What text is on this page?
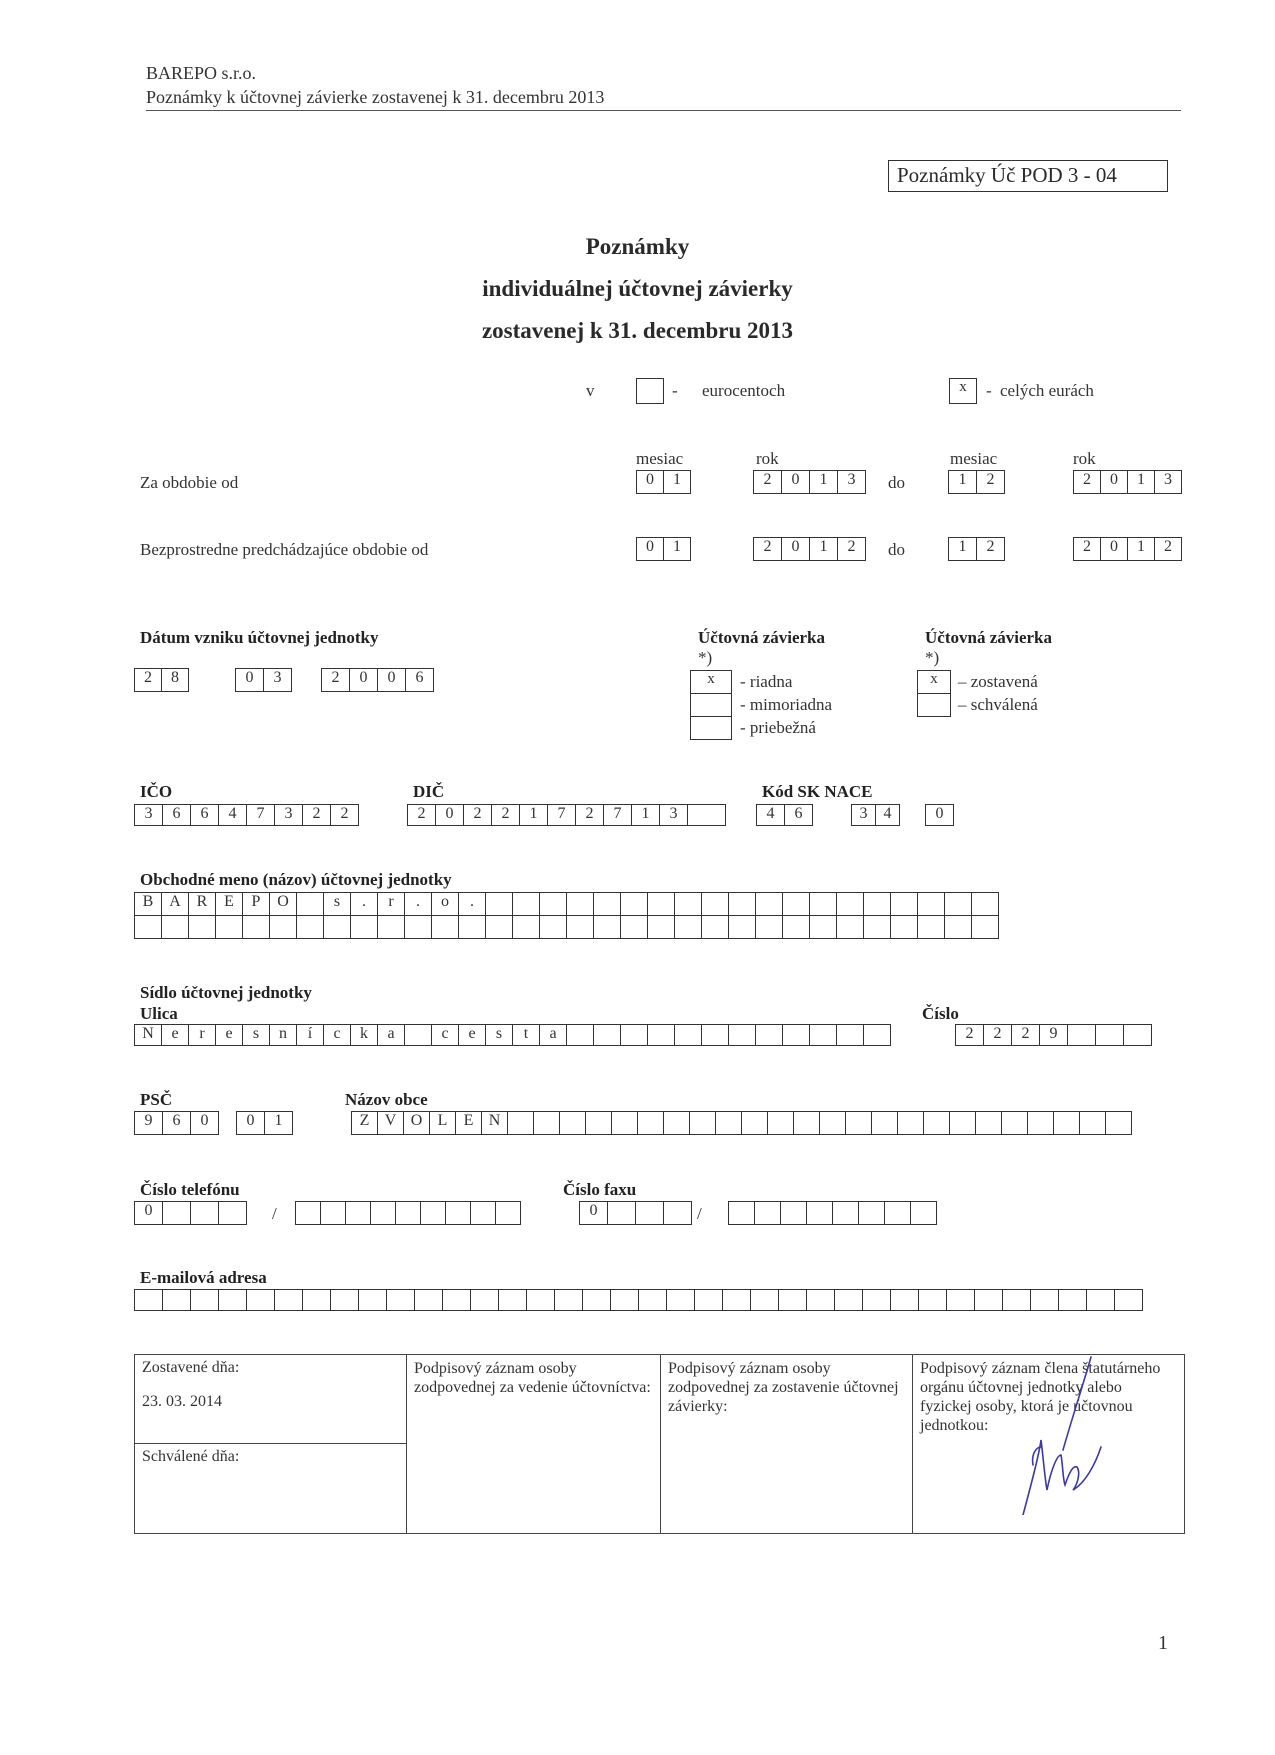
BAREPO s.r.o.
Poznámky k účtovnej závierke zostavenej k 31. decembru 2013
Poznámky Úč POD 3 - 04
Poznámky
individuálnej účtovnej závierky
zostavenej k 31. decembru 2013
v	- eurocentoch	x	- celých eurách
mesiac	rok	mesiac	rok
Za obdobie od	0	1	2	0	1	3	do	1	2	2	0	1	3
Bezprostredne predchádzajúce obdobie od	0	1	2	0	1	2	do	1	2	2	0	1	2
Dátum vzniku účtovnej jednotky
2	8	0	3	2	0	0	6
Účtovná závierka
*)
x	- riadna
- mimoriadna
- priebežná
Účtovná závierka
*)
x	– zostavená
– schválená
IČO
3	6	6	4	7	3	2	2
DIČ
2	0	2	2	1	7	2	7	1	3
Kód SK NACE
4	6	3	4	0
Obchodné meno (názov) účtovnej jednotky
B A R	E	P	O	s	.	r	.	o	.
Sídlo účtovnej jednotky
Ulica
N	e	r	e	s	n	í	c	k	a	c	e	s	t	a
Číslo
2	2	2	9
PSČ
9	6	0	0	1
Názov obce
Z V O L	E N
Číslo telefónu
0	/
Číslo faxu
0	/
E-mailová adresa
Zostavené dňa:
23. 03. 2014
Schválené dňa:
Podpisový záznam osoby zodpovednej za vedenie účtovníctva:
Podpisový záznam osoby zodpovednej za zostavenie účtovnej závierky:
Podpisový záznam člena štatutárneho orgánu účtovnej jednotky alebo fyzickej osoby, ktorá je účtovnou jednotkou:
1
